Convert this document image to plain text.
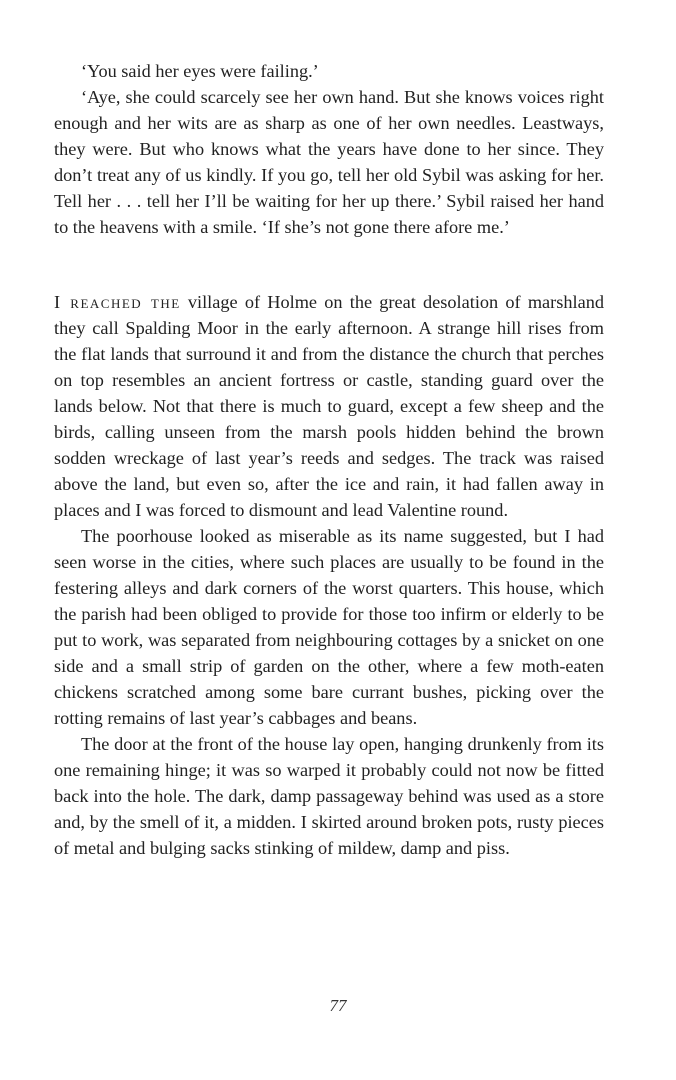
‘You said her eyes were failing.’

‘Aye, she could scarcely see her own hand. But she knows voices right enough and her wits are as sharp as one of her own needles. Leastways, they were. But who knows what the years have done to her since. They don’t treat any of us kindly. If you go, tell her old Sybil was asking for her. Tell her . . . tell her I’ll be waiting for her up there.’ Sybil raised her hand to the heavens with a smile. ‘If she’s not gone there afore me.’

I reached the village of Holme on the great desolation of marshland they call Spalding Moor in the early afternoon. A strange hill rises from the flat lands that surround it and from the distance the church that perches on top resembles an ancient fortress or castle, standing guard over the lands below. Not that there is much to guard, except a few sheep and the birds, calling unseen from the marsh pools hidden behind the brown sodden wreckage of last year’s reeds and sedges. The track was raised above the land, but even so, after the ice and rain, it had fallen away in places and I was forced to dismount and lead Valentine round.

The poorhouse looked as miserable as its name suggested, but I had seen worse in the cities, where such places are usually to be found in the festering alleys and dark corners of the worst quarters. This house, which the parish had been obliged to provide for those too infirm or elderly to be put to work, was separated from neighbouring cottages by a snicket on one side and a small strip of garden on the other, where a few moth-eaten chickens scratched among some bare currant bushes, picking over the rotting remains of last year’s cabbages and beans.

The door at the front of the house lay open, hanging drunkenly from its one remaining hinge; it was so warped it probably could not now be fitted back into the hole. The dark, damp passageway behind was used as a store and, by the smell of it, a midden. I skirted around broken pots, rusty pieces of metal and bulging sacks stinking of mildew, damp and piss.

77
